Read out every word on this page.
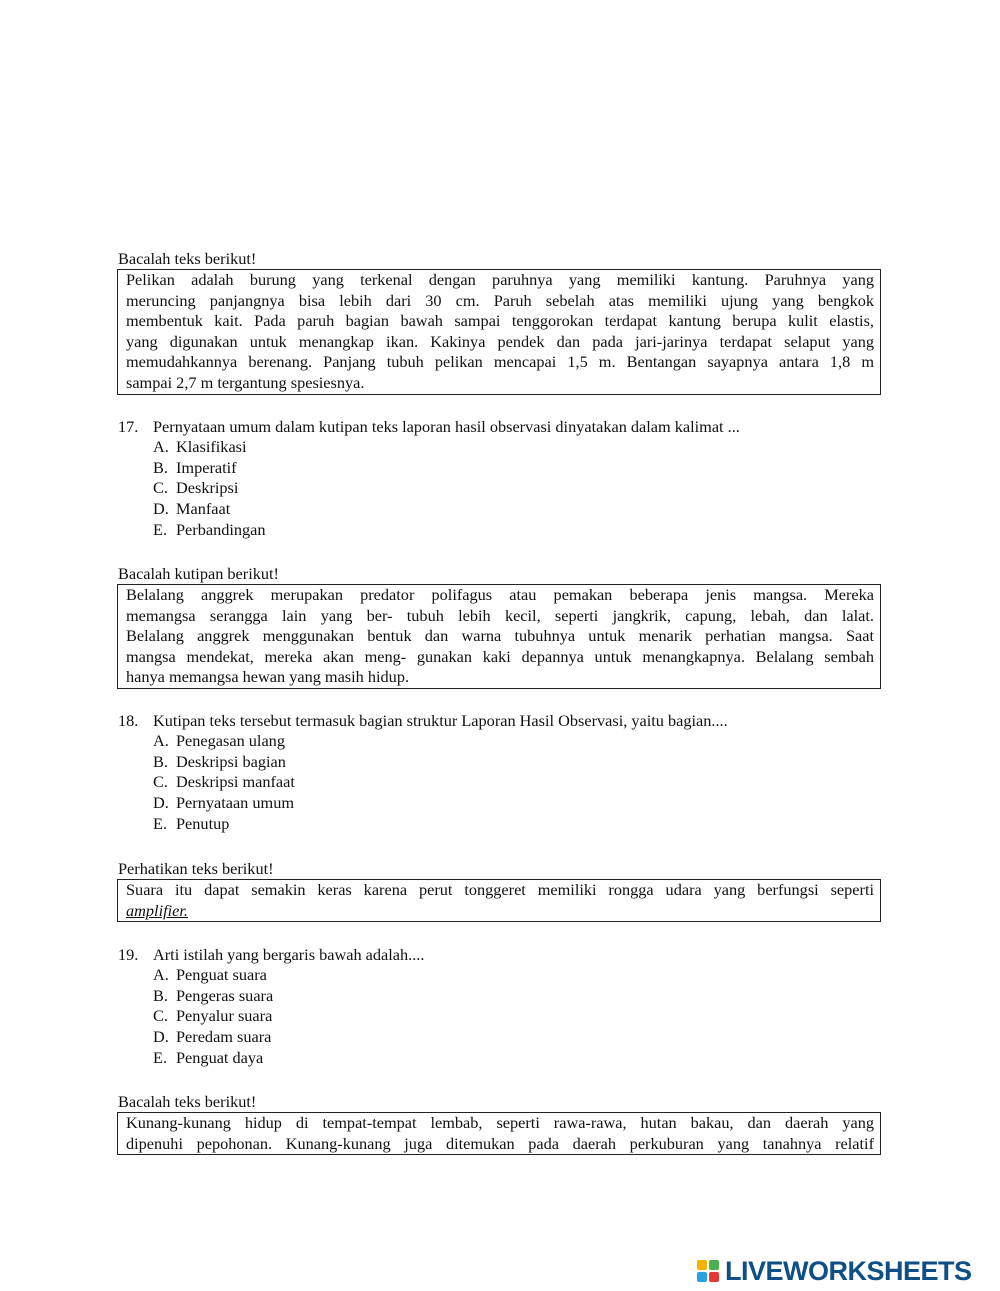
Bacalah teks berikut!

Pelikan adalah burung yang terkenal dengan paruhnya yang memiliki kantung. Paruhnya yang

meruncing panjangnya bisa lebih dari 30 cm. Paruh sebelah atas memiliki ujung yang bengkok

membentuk kait. Pada paruh bagian bawah sampai tenggorokan terdapat kantung berupa kulit elastis,

yang digunakan untuk menangkap ikan. Kakinya pendek dan pada jari-jarinya terdapat selaput yang

memudahkannya berenang. Panjang tubuh pelikan mencapai 1,5 m. Bentangan sayapnya antara 1,8 m

sampai 2,7 m tergantung spesiesnya.

17. Pernyataan umum dalam kutipan teks laporan hasil observasi dinyatakan dalam kalimat ...
A. Klasifikasi
B. Imperatif
C. Deskripsi
D. Manfaat
E. Perbandingan
Bacalah kutipan berikut!

Belalang anggrek merupakan predator polifagus atau pemakan beberapa jenis mangsa. Mereka

memangsa serangga lain yang ber- tubuh lebih kecil, seperti jangkrik, capung, lebah, dan lalat.

Belalang anggrek menggunakan bentuk dan warna tubuhnya untuk menarik perhatian mangsa. Saat

mangsa mendekat, mereka akan meng- gunakan kaki depannya untuk menangkapnya. Belalang sembah

hanya memangsa hewan yang masih hidup.

18. Kutipan teks tersebut termasuk bagian struktur Laporan Hasil Observasi, yaitu bagian....
A. Penegasan ulang
B. Deskripsi bagian
C. Deskripsi manfaat
D. Pernyataan umum
E. Penutup
Perhatikan teks berikut!

Suara itu dapat semakin keras karena perut tonggeret memiliki rongga udara yang berfungsi seperti

amplifier.

19. Arti istilah yang bergaris bawah adalah....
A. Penguat suara
B. Pengeras suara
C. Penyalur suara
D. Peredam suara
E. Penguat daya
Bacalah teks berikut!

Kunang-kunang hidup di tempat-tempat lembab, seperti rawa-rawa, hutan bakau, dan daerah yang

dipenuhi pepohonan. Kunang-kunang juga ditemukan pada daerah perkuburan yang tanahnya relatif

LIVEWORKSHEETS
